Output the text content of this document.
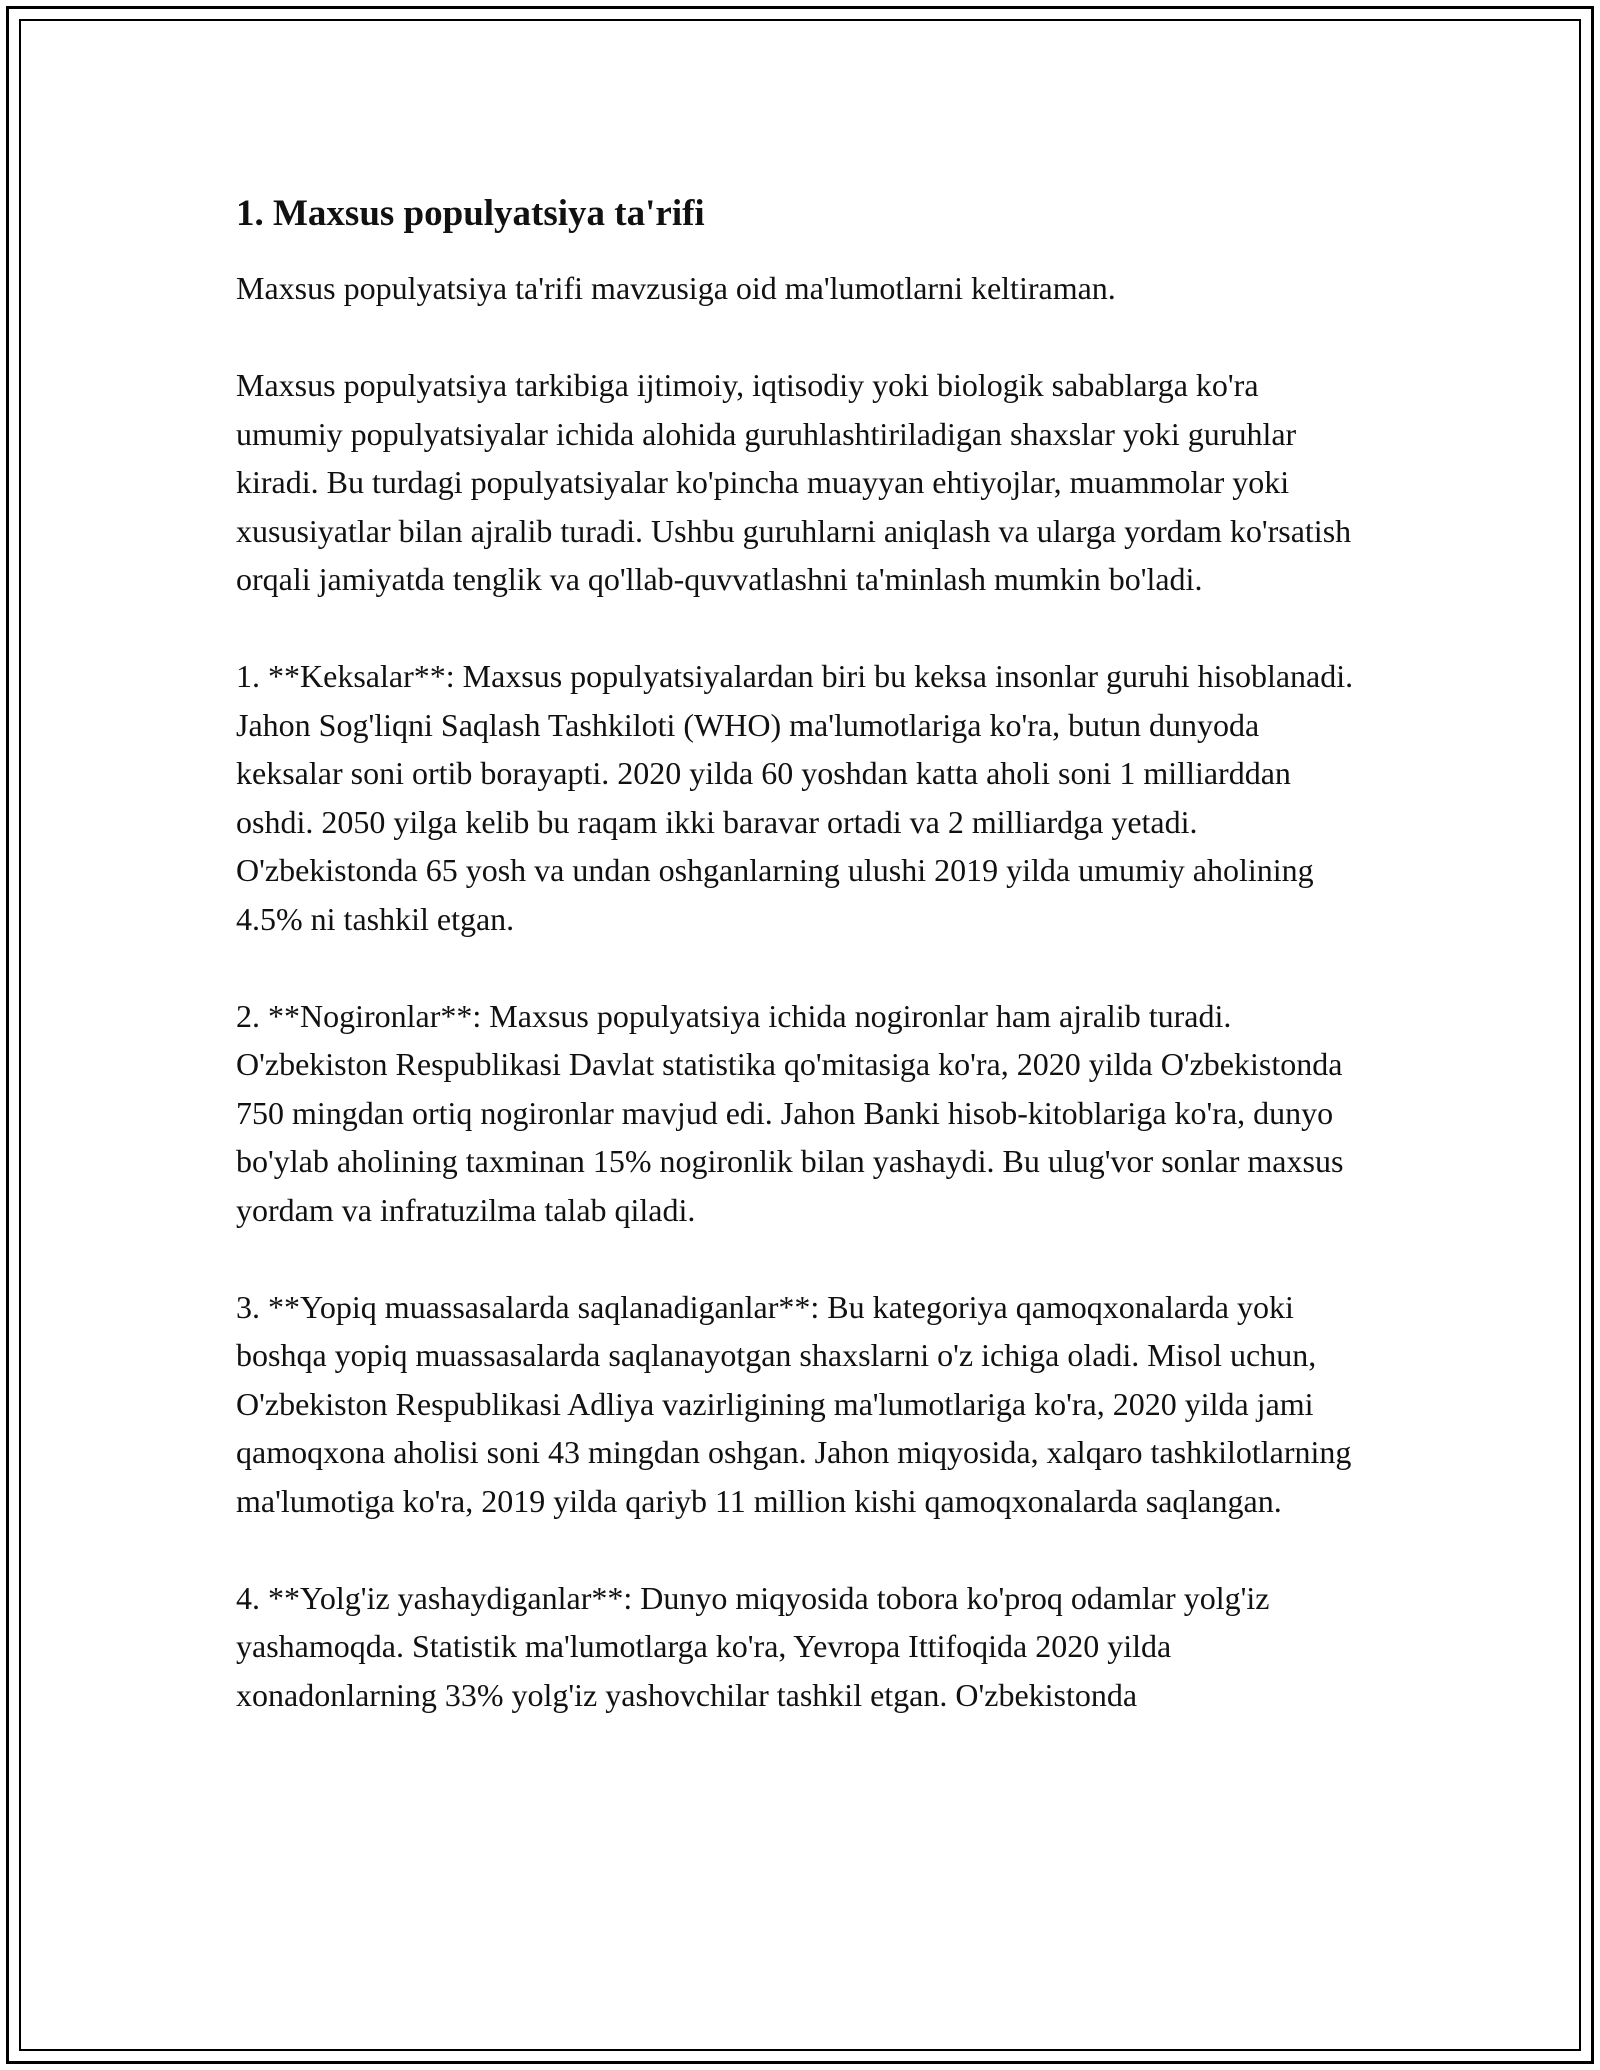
1. Maxsus populyatsiya ta'rifi

Maxsus populyatsiya ta'rifi mavzusiga oid ma'lumotlarni keltiraman.

Maxsus populyatsiya tarkibiga ijtimoiy, iqtisodiy yoki biologik sabablarga ko'ra umumiy populyatsiyalar ichida alohida guruhlashtiriladigan shaxslar yoki guruhlar kiradi. Bu turdagi populyatsiyalar ko'pincha muayyan ehtiyojlar, muammolar yoki xususiyatlar bilan ajralib turadi. Ushbu guruhlarni aniqlash va ularga yordam ko'rsatish orqali jamiyatda tenglik va qo'llab-quvvatlashni ta'minlash mumkin bo'ladi.

1. **Keksalar**: Maxsus populyatsiyalardan biri bu keksa insonlar guruhi hisoblanadi. Jahon Sog'liqni Saqlash Tashkiloti (WHO) ma'lumotlariga ko'ra, butun dunyoda keksalar soni ortib borayapti. 2020 yilda 60 yoshdan katta aholi soni 1 milliarddan oshdi. 2050 yilga kelib bu raqam ikki baravar ortadi va 2 milliardga yetadi. O'zbekistonda 65 yosh va undan oshganlarning ulushi 2019 yilda umumiy aholining 4.5% ni tashkil etgan.

2. **Nogironlar**: Maxsus populyatsiya ichida nogironlar ham ajralib turadi. O'zbekiston Respublikasi Davlat statistika qo'mitasiga ko'ra, 2020 yilda O'zbekistonda 750 mingdan ortiq nogironlar mavjud edi. Jahon Banki hisob-kitoblariga ko'ra, dunyo bo'ylab aholining taxminan 15% nogironlik bilan yashaydi. Bu ulug'vor sonlar maxsus yordam va infratuzilma talab qiladi.

3. **Yopiq muassasalarda saqlanadiganlar**: Bu kategoriya qamoqxonalarda yoki boshqa yopiq muassasalarda saqlanayotgan shaxslarni o'z ichiga oladi. Misol uchun, O'zbekiston Respublikasi Adliya vazirligining ma'lumotlariga ko'ra, 2020 yilda jami qamoqxona aholisi soni 43 mingdan oshgan. Jahon miqyosida, xalqaro tashkilotlarning ma'lumotiga ko'ra, 2019 yilda qariyb 11 million kishi qamoqxonalarda saqlangan.

4. **Yolg'iz yashaydiganlar**: Dunyo miqyosida tobora ko'proq odamlar yolg'iz yashamoqda. Statistik ma'lumotlarga ko'ra, Yevropa Ittifoqida 2020 yilda xonadonlarning 33% yolg'iz yashovchilar tashkil etgan. O'zbekistonda
